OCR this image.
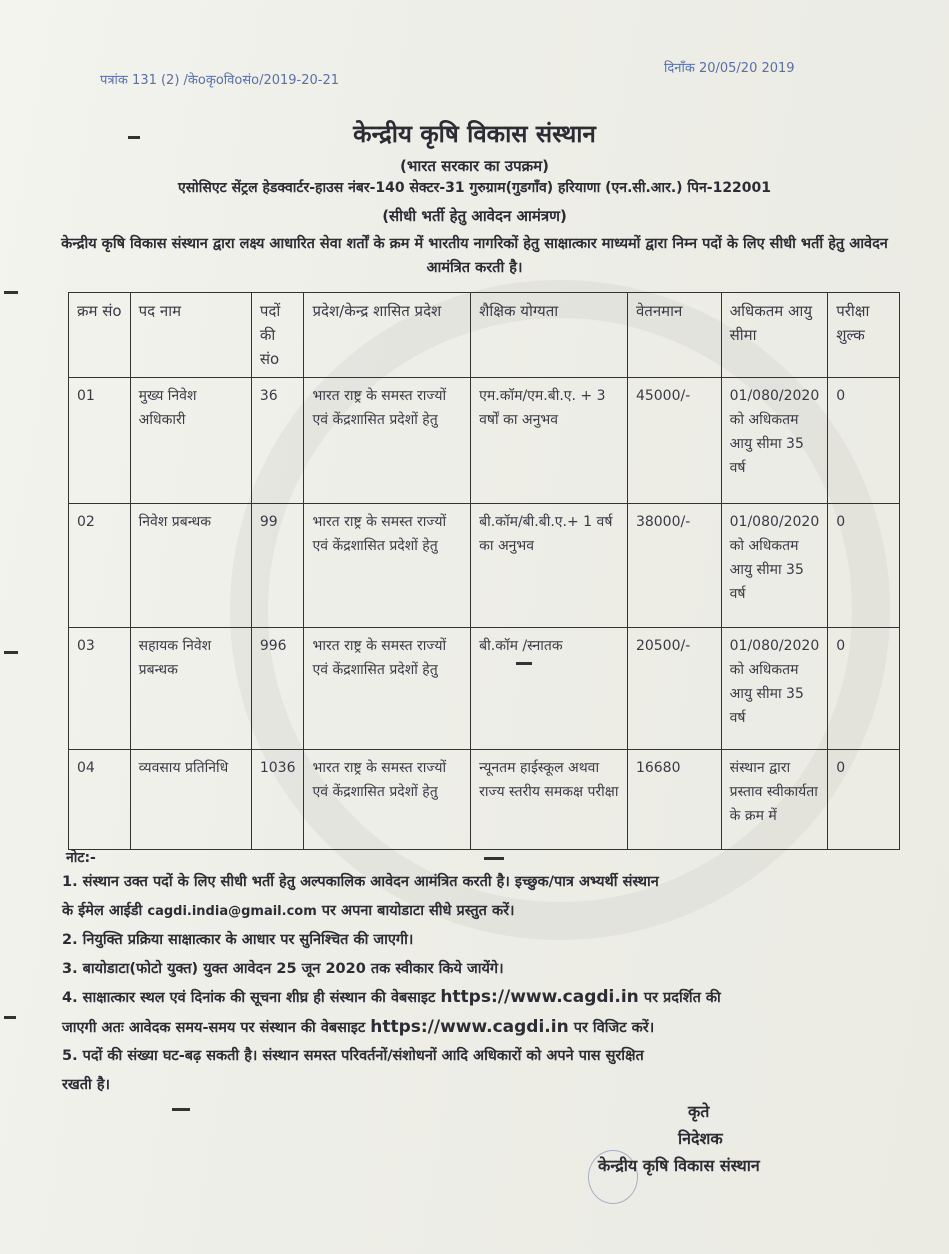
पत्रांक 131 (2) /केoकृoविoसंo/2019-20-21
दिनाँक 20/05/20 2019
केन्द्रीय कृषि विकास संस्थान
(भारत सरकार का उपक्रम)
एसोसिएट सेंट्रल हेडक्वार्टर-हाउस नंबर-140 सेक्टर-31 गुरुग्राम(गुडगाँव) हरियाणा (एन.सी.आर.) पिन-122001
(सीधी भर्ती हेतु आवेदन आमंत्रण)
केन्द्रीय कृषि विकास संस्थान द्वारा लक्ष्य आधारित सेवा शर्तों के क्रम में भारतीय नागरिकों हेतु साक्षात्कार माध्यमों द्वारा निम्न पदों के लिए सीधी भर्ती हेतु आवेदन आमंत्रित करती है।
क्रम संo	पद नाम	पदों की संo	प्रदेश/केन्द्र शासित प्रदेश	शैक्षिक योग्यता	वेतनमान	अधिकतम आयु सीमा	परीक्षा शुल्क
01	मुख्य निवेश अधिकारी	36	भारत राष्ट्र के समस्त राज्यों एवं केंद्रशासित प्रदेशों हेतु	एम.कॉम/एम.बी.ए. + 3 वर्षों का अनुभव	45000/-	01/080/2020 को अधिकतम आयु सीमा 35 वर्ष	0
02	निवेश प्रबन्धक	99	भारत राष्ट्र के समस्त राज्यों एवं केंद्रशासित प्रदेशों हेतु	बी.कॉम/बी.बी.ए.+ 1 वर्ष का अनुभव	38000/-	01/080/2020 को अधिकतम आयु सीमा 35 वर्ष	0
03	सहायक निवेश प्रबन्धक	996	भारत राष्ट्र के समस्त राज्यों एवं केंद्रशासित प्रदेशों हेतु	बी.कॉम /स्नातक	20500/-	01/080/2020 को अधिकतम आयु सीमा 35 वर्ष	0
04	व्यवसाय प्रतिनिधि	1036	भारत राष्ट्र के समस्त राज्यों एवं केंद्रशासित प्रदेशों हेतु	न्यूनतम हाईस्कूल अथवा राज्य स्तरीय समकक्ष परीक्षा	16680	संस्थान द्वारा प्रस्ताव स्वीकार्यता के क्रम में	0
नोट:-
1. संस्थान उक्त पदों के लिए सीधी भर्ती हेतु अल्पकालिक आवेदन आमंत्रित करती है। इच्छुक/पात्र अभ्यर्थी संस्थान
के ईमेल आईडी cagdi.india@gmail.com पर अपना बायोडाटा सीधे प्रस्तुत करें।
2. नियुक्ति प्रक्रिया साक्षात्कार के आधार पर सुनिश्चित की जाएगी।
3. बायोडाटा(फोटो युक्त) युक्त आवेदन 25 जून 2020 तक स्वीकार किये जायेंगे।
4. साक्षात्कार स्थल एवं दिनांक की सूचना शीघ्र ही संस्थान की वेबसाइट https://www.cagdi.in पर प्रदर्शित की
जाएगी अतः आवेदक समय-समय पर संस्थान की वेबसाइट https://www.cagdi.in पर विजिट करें।
5. पदों की संख्या घट-बढ़ सकती है। संस्थान समस्त परिवर्तनों/संशोधनों आदि अधिकारों को अपने पास सुरक्षित
रखती है।
कृते
निदेशक
केन्द्रीय कृषि विकास संस्थान
